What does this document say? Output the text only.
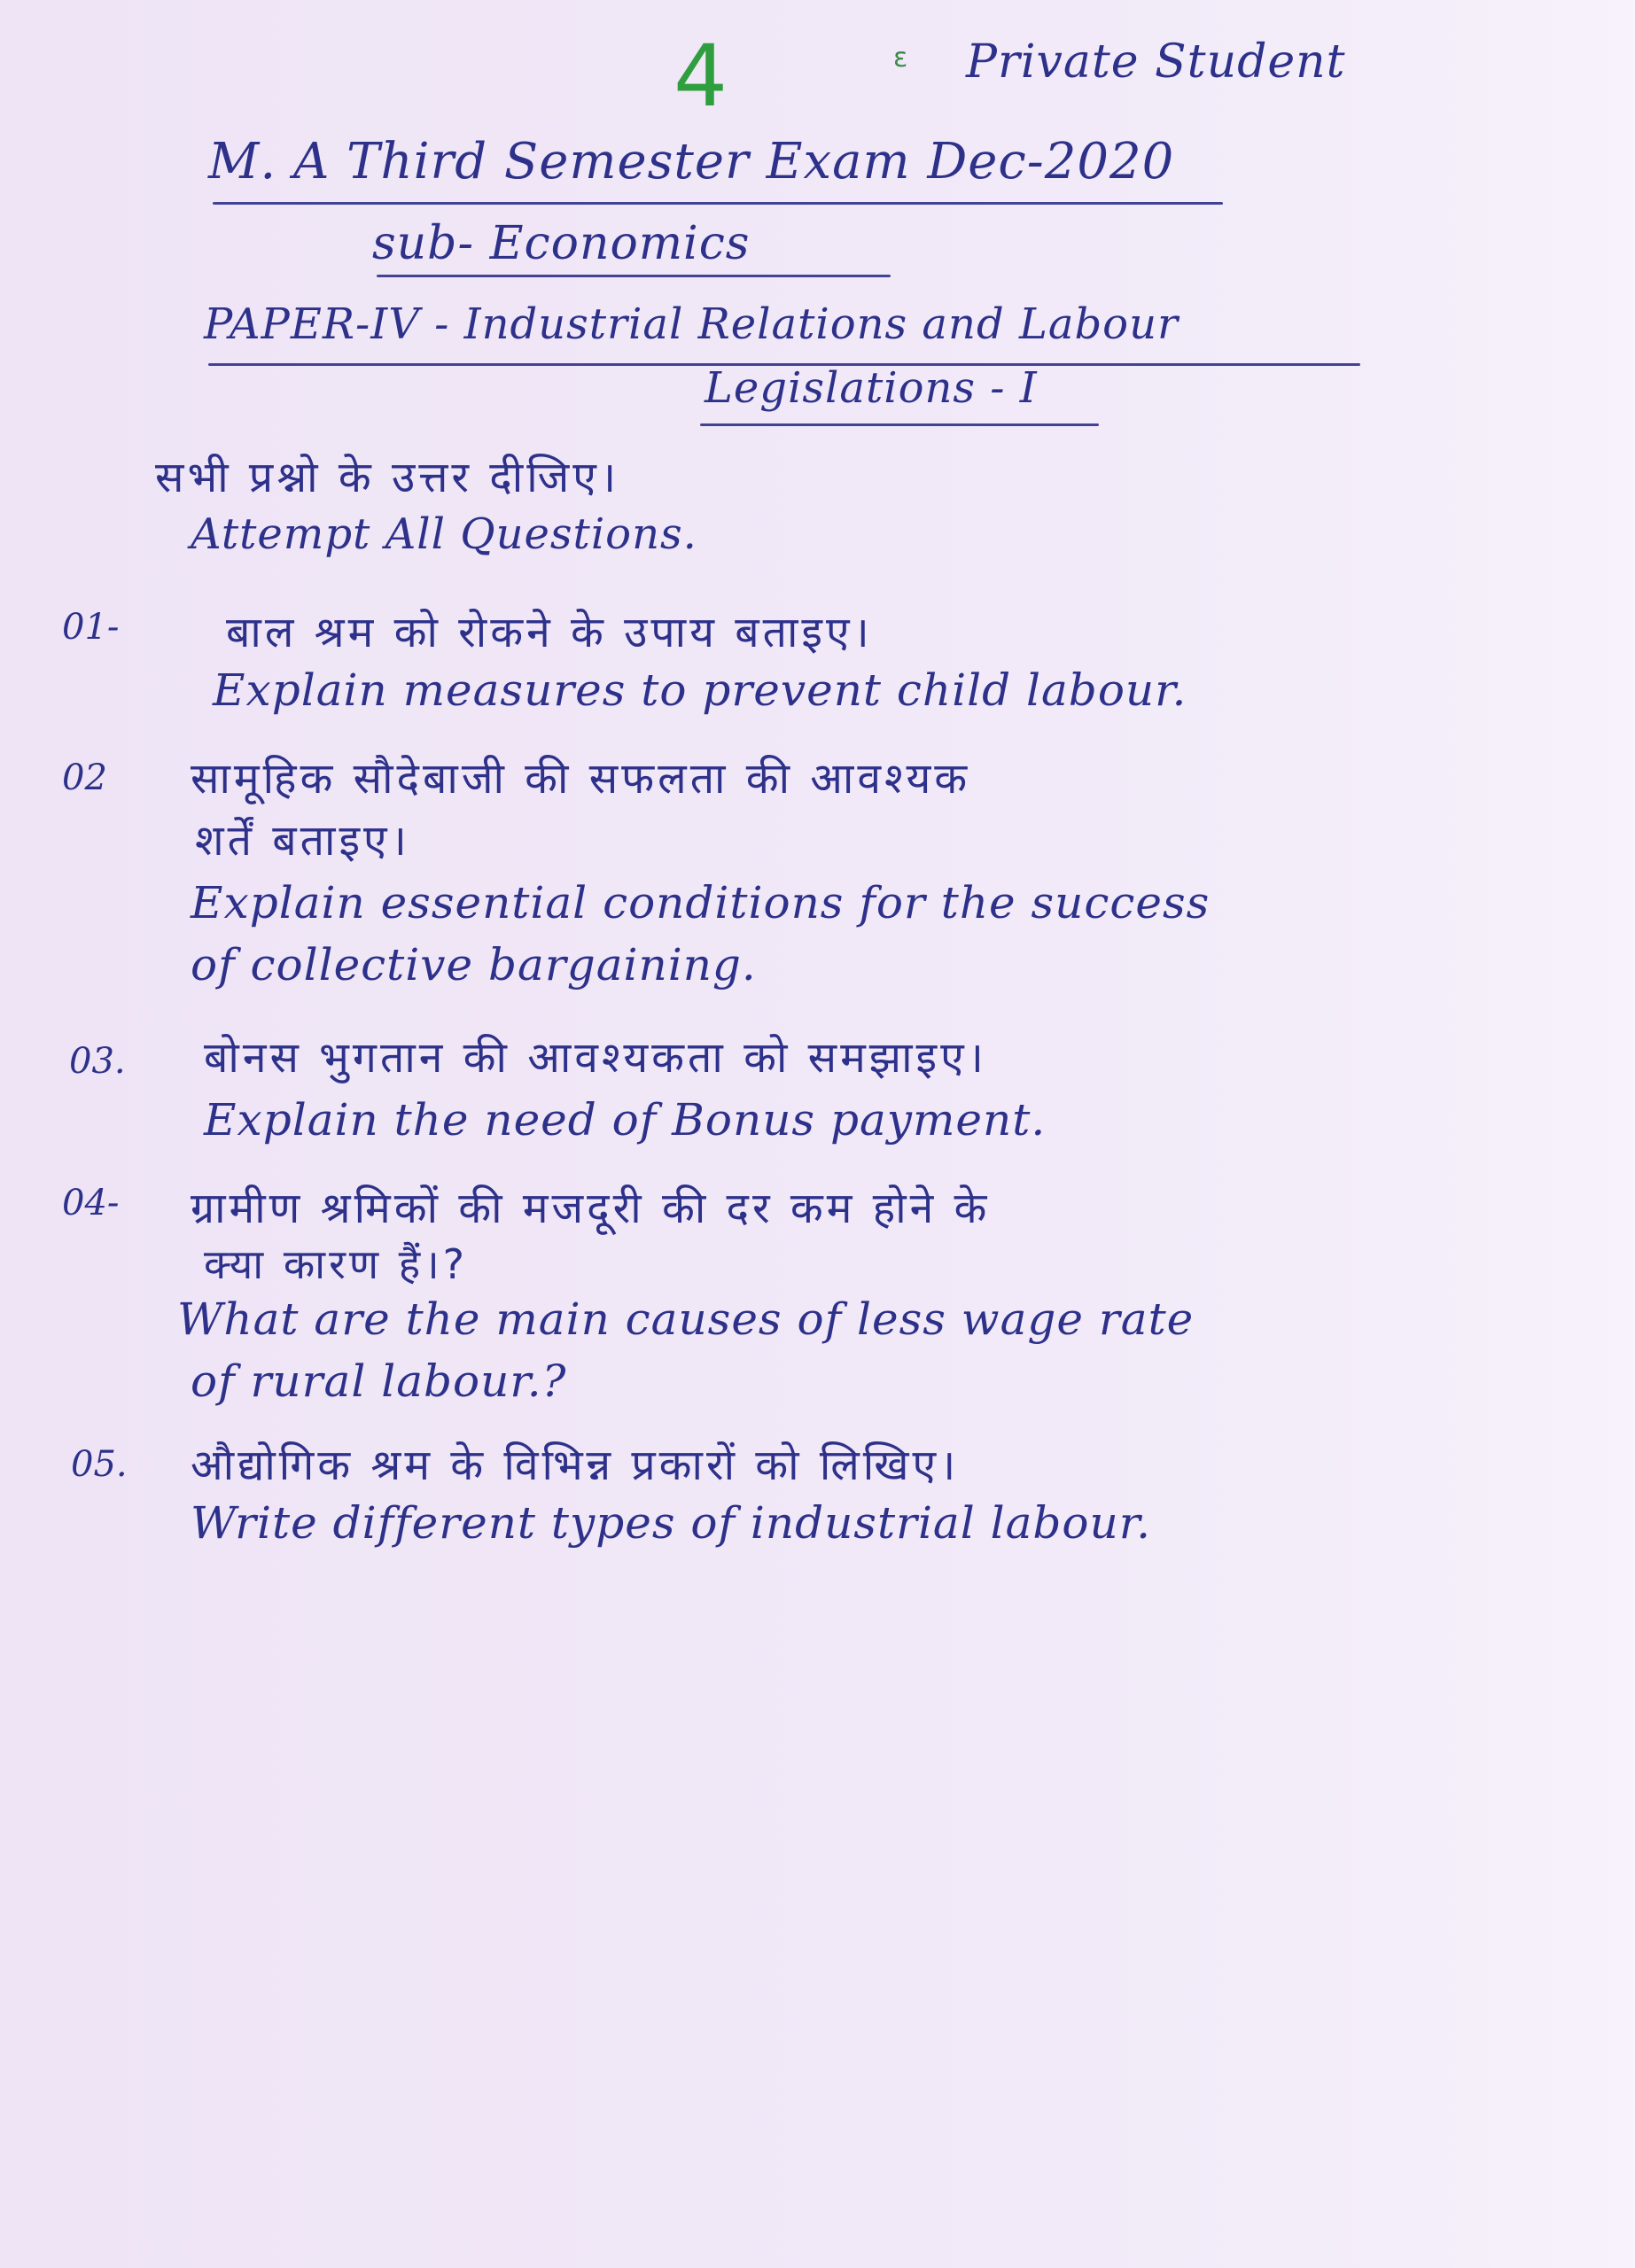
4	ε Private Student
M. A Third Semester Exam Dec-2020
sub- Economics
PAPER-IV - Industrial Relations and Labour
Legislations - I
सभी प्रश्नो के उत्तर दीजिए।
Attempt All Questions.
01-	बाल श्रम को रोकने के उपाय बताइए।
Explain measures to prevent child labour.
02 सामूहिक सौदेबाजी की सफलता की आवश्यक
शर्तें बताइए।
Explain essential conditions for the success
of collective bargaining.
03. बोनस भुगतान की आवश्यकता को समझाइए।
Explain the need of Bonus payment.
04- ग्रामीण श्रमिकों की मजदूरी की दर कम होने के
क्या कारण हैं।?
What are the main causes of less wage rate
of rural labour.?
05. औद्योगिक श्रम के विभिन्न प्रकारों को लिखिए।
Write different types of industrial labour.
